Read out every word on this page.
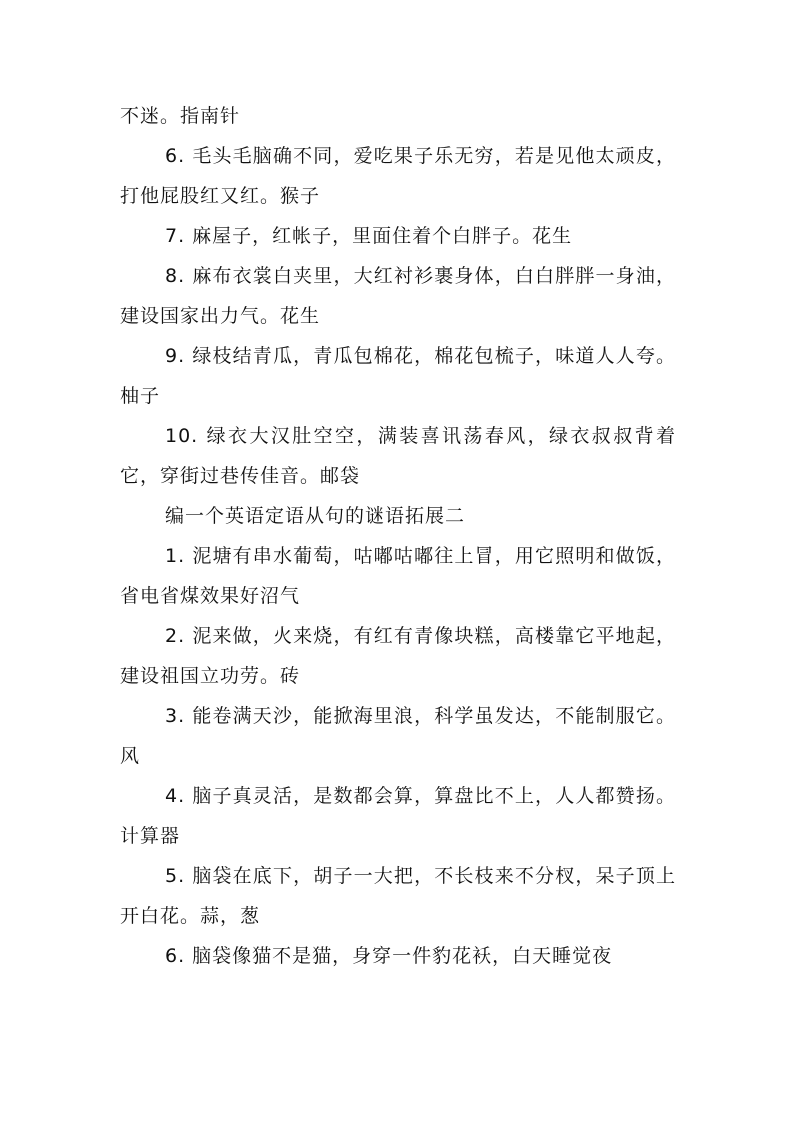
不迷。指南针

6. 毛头毛脑确不同，爱吃果子乐无穷，若是见他太顽皮，打他屁股红又红。猴子

7. 麻屋子，红帐子，里面住着个白胖子。花生

8. 麻布衣裳白夹里，大红衬衫裹身体，白白胖胖一身油，建设国家出力气。花生

9. 绿枝结青瓜，青瓜包棉花，棉花包梳子，味道人人夸。柚子

10. 绿衣大汉肚空空，满装喜讯荡春风，绿衣叔叔背着它，穿街过巷传佳音。邮袋

编一个英语定语从句的谜语拓展二

1. 泥塘有串水葡萄，咕嘟咕嘟往上冒，用它照明和做饭，省电省煤效果好沼气

2. 泥来做，火来烧，有红有青像块糕，高楼靠它平地起，建设祖国立功劳。砖

3. 能卷满天沙，能掀海里浪，科学虽发达，不能制服它。风

4. 脑子真灵活，是数都会算，算盘比不上，人人都赞扬。计算器

5. 脑袋在底下，胡子一大把，不长枝来不分杈，呆子顶上开白花。蒜，葱

6. 脑袋像猫不是猫，身穿一件豹花袄，白天睡觉夜
